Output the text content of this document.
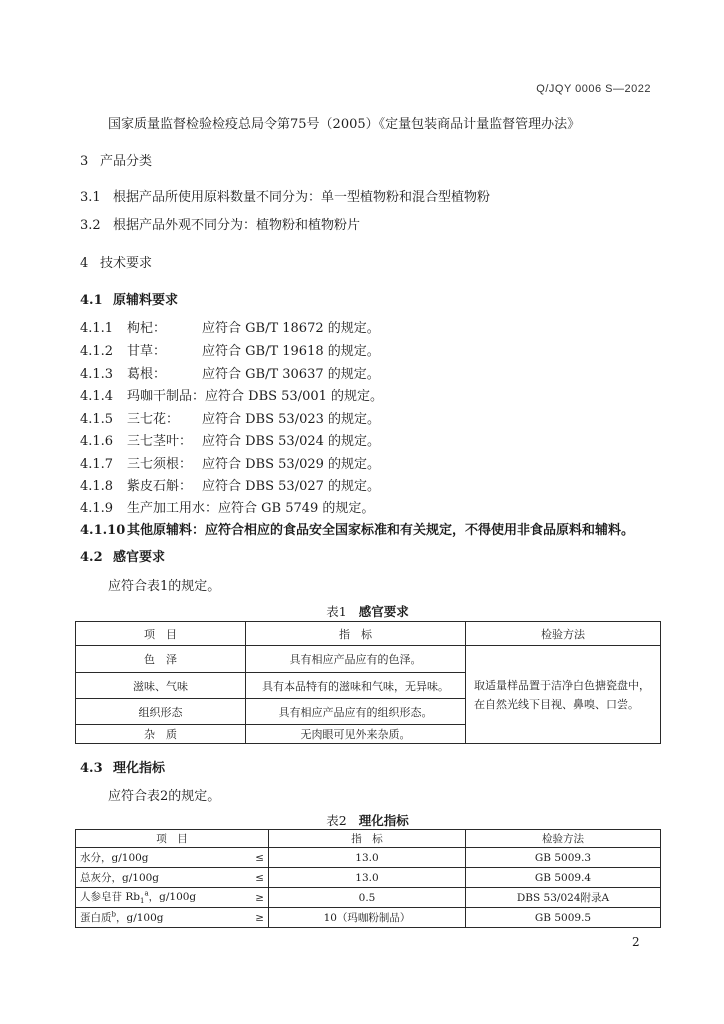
Q/JQY 0006 S—2022
国家质量监督检验检疫总局令第75号（2005）《定量包装商品计量监督管理办法》
3 产品分类
3.1 根据产品所使用原料数量不同分为：单一型植物粉和混合型植物粉
3.2 根据产品外观不同分为：植物粉和植物粉片
4 技术要求
4.1 原辅料要求
4.1.1 枸杞：	应符合 GB/T 18672 的规定。
4.1.2 甘草：	应符合 GB/T 19618 的规定。
4.1.3 葛根：	应符合 GB/T 30637 的规定。
4.1.4 玛咖干制品：应符合 DBS 53/001 的规定。
4.1.5 三七花： 应符合 DBS 53/023 的规定。
4.1.6 三七茎叶： 应符合 DBS 53/024 的规定。
4.1.7 三七须根： 应符合 DBS 53/029 的规定。
4.1.8 紫皮石斛： 应符合 DBS 53/027 的规定。
4.1.9 生产加工用水：应符合 GB 5749 的规定。
4.1.10 其他原辅料：应符合相应的食品安全国家标准和有关规定，不得使用非食品原料和辅料。
4.2 感官要求
应符合表1的规定。
表1 感官要求
项　目	指　标	检验方法
色　泽	具有相应产品应有的色泽。	取适量样品置于洁净白色搪瓷盘中，在自然光线下目视、鼻嗅、口尝。
滋味、气味	具有本品特有的滋味和气味，无异味。	
组织形态	具有相应产品应有的组织形态。	
杂　质	无肉眼可见外来杂质。	
4.3 理化指标
应符合表2的规定。
表2 理化指标
项　目	指　标	检验方法

水分，g/100g ≤	13.0	GB 5009.3

总灰分，g/100g ≤	13.0	GB 5009.4

人参皂苷 $Rb_1^a$，g/100g ≥	0.5	DBS 53/024附录A

蛋白质$^b$，g/100g ≥	10（玛咖粉制品）	GB 5009.5
2
